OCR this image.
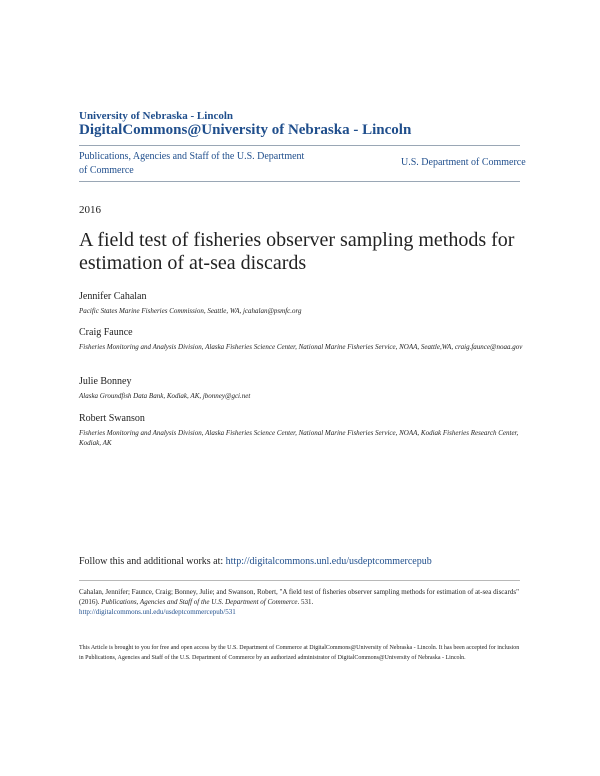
University of Nebraska - Lincoln
DigitalCommons@University of Nebraska - Lincoln
Publications, Agencies and Staff of the U.S. Department of Commerce
U.S. Department of Commerce
2016
A field test of fisheries observer sampling methods for estimation of at-sea discards
Jennifer Cahalan
Pacific States Marine Fisheries Commission, Seattle, WA, jcahalan@psmfc.org
Craig Faunce
Fisheries Monitoring and Analysis Division, Alaska Fisheries Science Center, National Marine Fisheries Service, NOAA, Seattle,WA, craig.faunce@noaa.gov
Julie Bonney
Alaska Groundfish Data Bank, Kodiak, AK, jbonney@gci.net
Robert Swanson
Fisheries Monitoring and Analysis Division, Alaska Fisheries Science Center, National Marine Fisheries Service, NOAA, Kodiak Fisheries Research Center, Kodiak, AK
Follow this and additional works at: http://digitalcommons.unl.edu/usdeptcommercepub
Cahalan, Jennifer; Faunce, Craig; Bonney, Julie; and Swanson, Robert, "A field test of fisheries observer sampling methods for estimation of at-sea discards" (2016). Publications, Agencies and Staff of the U.S. Department of Commerce. 531.
http://digitalcommons.unl.edu/usdeptcommercepub/531
This Article is brought to you for free and open access by the U.S. Department of Commerce at DigitalCommons@University of Nebraska - Lincoln. It has been accepted for inclusion in Publications, Agencies and Staff of the U.S. Department of Commerce by an authorized administrator of DigitalCommons@University of Nebraska - Lincoln.
